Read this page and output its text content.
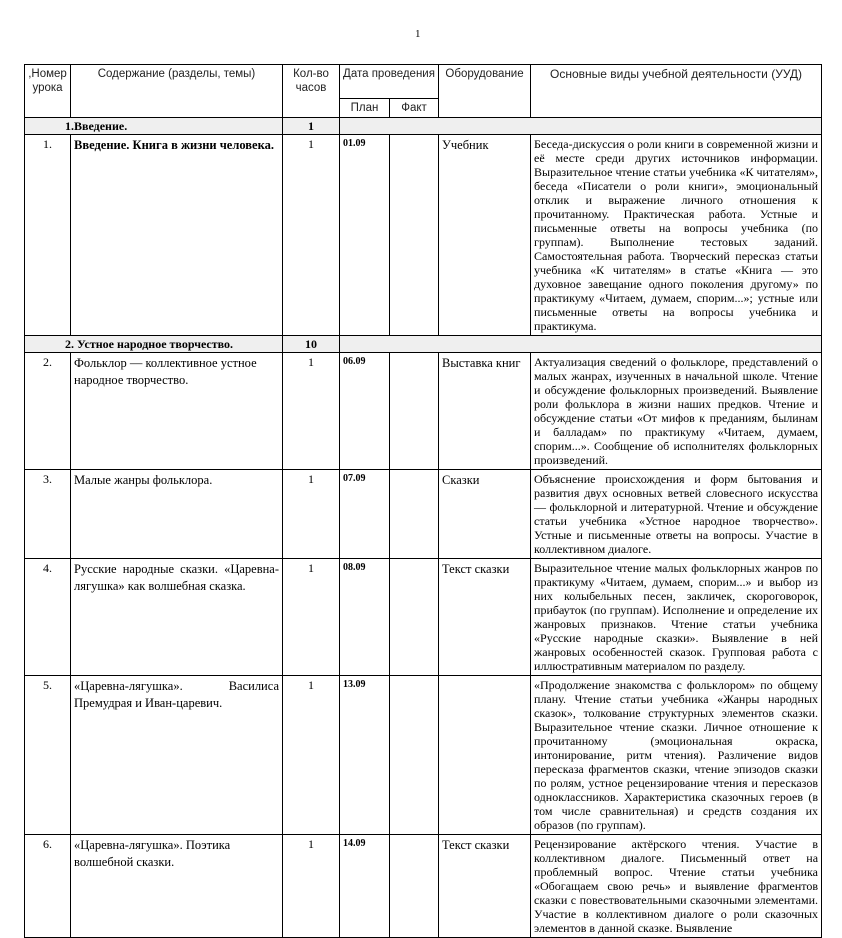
1
,Номер урока	Содержание (разделы, темы)	Кол-во часов	Дата проведения		Оборудование	Основные виды учебной деятельности (УУД)
			План	Факт		
1.Введение.		1				
1.	Введение. Книга в жизни человека.	1	01.09		Учебник	Беседа-дискуссия о роли книги в современной жизни и её месте среди других источников информации. Выразительное чтение статьи учебника «К читателям», беседа «Писатели о роли книги», эмоциональный отклик и выражение личного отношения к прочитанному. Практическая работа. Устные и письменные ответы на вопросы учебника (по группам). Выполнение тестовых заданий. Самостоятельная работа. Творческий пересказ статьи учебника «К читателям» в статье «Книга — это духовное завещание одного поколения другому» по практикуму «Читаем, думаем, спорим...»; устные или письменные ответы на вопросы учебника и практикума.
2. Устное народное творчество.		10				
2.	Фольклор — коллективное устное народное творчество.	1	06.09		Выставка книг	Актуализация сведений о фольклоре, представлений о малых жанрах, изученных в начальной школе. Чтение и обсуждение фольклорных произведений. Выявление роли фольклора в жизни наших предков. Чтение и обсуждение статьи «От мифов к преданиям, былинам и балладам» по практикуму «Читаем, думаем, спорим...». Сообщение об исполнителях фольклорных произведений.
3.	Малые жанры фольклора.	1	07.09		Сказки	Объяснение происхождения и форм бытования и развития двух основных ветвей словесного искусства — фольклорной и литературной. Чтение и обсуждение статьи учебника «Устное народное творчество». Устные и письменные ответы на вопросы. Участие в коллективном диалоге.
4.	Русские народные сказки. «Царевна-лягушка» как волшебная сказка.	1	08.09		Текст сказки	Выразительное чтение малых фольклорных жанров по практикуму «Читаем, думаем, спорим...» и выбор из них колыбельных песен, закличек, скороговорок, прибауток (по группам). Исполнение и определение их жанровых признаков. Чтение статьи учебника «Русские народные сказки». Выявление в ней жанровых особенностей сказок. Групповая работа с иллюстративным материалом по разделу.
5.	«Царевна-лягушка». Василиса Премудрая и Иван-царевич.	1	13.09			«Продолжение знакомства с фольклором» по общему плану. Чтение статьи учебника «Жанры народных сказок», толкование структурных элементов сказки. Выразительное чтение сказки. Личное отношение к прочитанному (эмоциональная окраска, интонирование, ритм чтения). Различение видов пересказа фрагментов сказки, чтение эпизодов сказки по ролям, устное рецензирование чтения и пересказов одноклассников. Характеристика сказочных героев (в том числе сравнительная) и средств создания их образов (по группам).
6.	«Царевна-лягушка». Поэтика волшебной сказки.	1	14.09		Текст сказки	Рецензирование актёрского чтения. Участие в коллективном диалоге. Письменный ответ на проблемный вопрос. Чтение статьи учебника «Обогащаем свою речь» и выявление фрагментов сказки с повествовательными сказочными элементами. Участие в коллективном диалоге о роли сказочных элементов в данной сказке. Выявление
